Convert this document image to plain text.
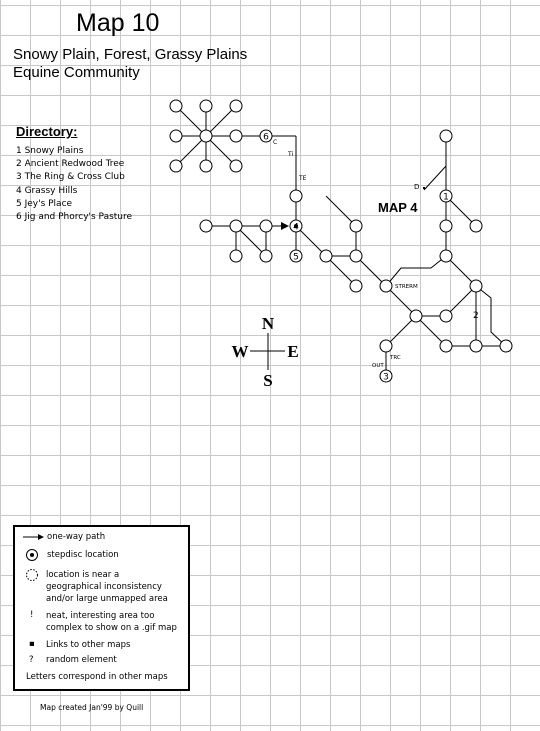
Map 10
Snowy Plain, Forest, Grassy Plains
Equine Community
Directory:
1 Snowy Plains
2 Ancient Redwood Tree
3 The Ring & Cross Club
4 Grassy Hills
5 Jey's Place
6 Jig and Phorcy's Pasture
6
4
5
1
3
2
C
Ti
TE
D
MAP 4
STRERM
TRC
OUT
N
S
E
W
one-way path
stepdisc location
location is near a
geographical inconsistency
and/or large unmapped area
! neat, interesting area too
complex to show on a .gif map
▪ Links to other maps
? random element
Letters correspond in other maps
Map created Jan'99 by Quill
